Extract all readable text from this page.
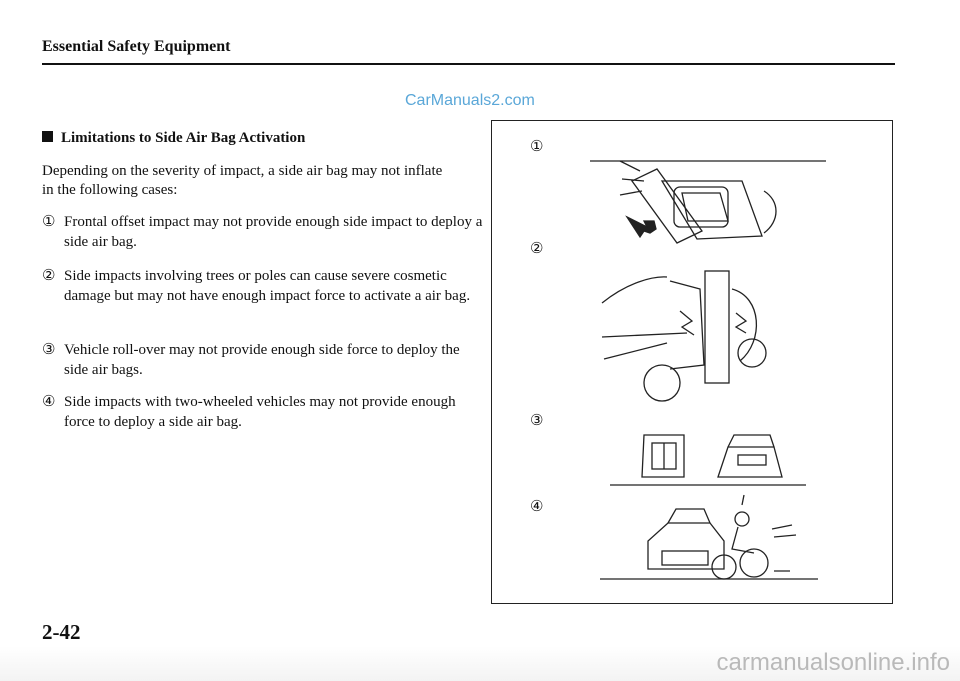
Essential Safety Equipment
CarManuals2.com
Limitations to Side Air Bag Activation
Depending on the severity of impact, a side air bag may not inflate in the following cases:
① Frontal offset impact may not provide enough side impact to deploy a side air bag.
② Side impacts involving trees or poles can cause severe cosmetic damage but may not have enough impact force to activate a air bag.
③ Vehicle roll-over may not provide enough side force to deploy the side air bags.
④ Side impacts with two-wheeled vehicles may not provide enough force to deploy a side air bag.
①
②
③
④
2-42
carmanualsonline.info
